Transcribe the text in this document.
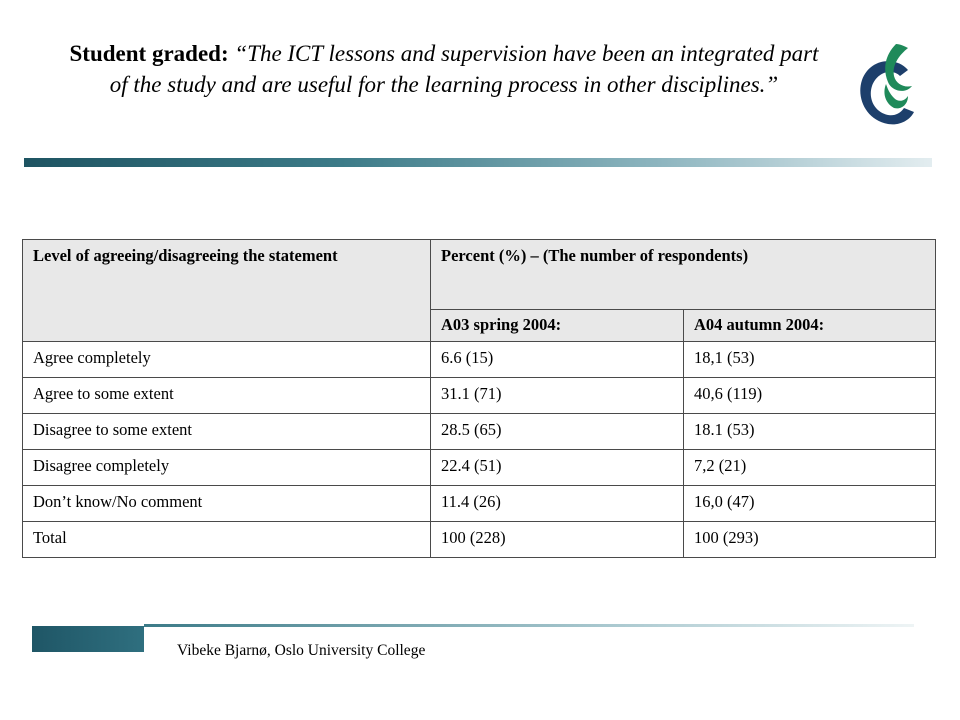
Student graded: “The ICT lessons and supervision have been an integrated part of the study and are useful for the learning process in other disciplines.”
Level of agreeing/disagreeing the statement	Percent (%) – (The number of respondents)	
	A03 spring 2004:	A04 autumn 2004:
Agree completely	6.6 (15)	18,1 (53)
Agree to some extent	31.1 (71)	40,6 (119)
Disagree to some extent	28.5 (65)	18.1 (53)
Disagree completely	22.4 (51)	7,2 (21)
Don’t know/No comment	11.4 (26)	16,0 (47)
Total	100 (228)	100 (293)
Vibeke Bjarnø, Oslo University College
